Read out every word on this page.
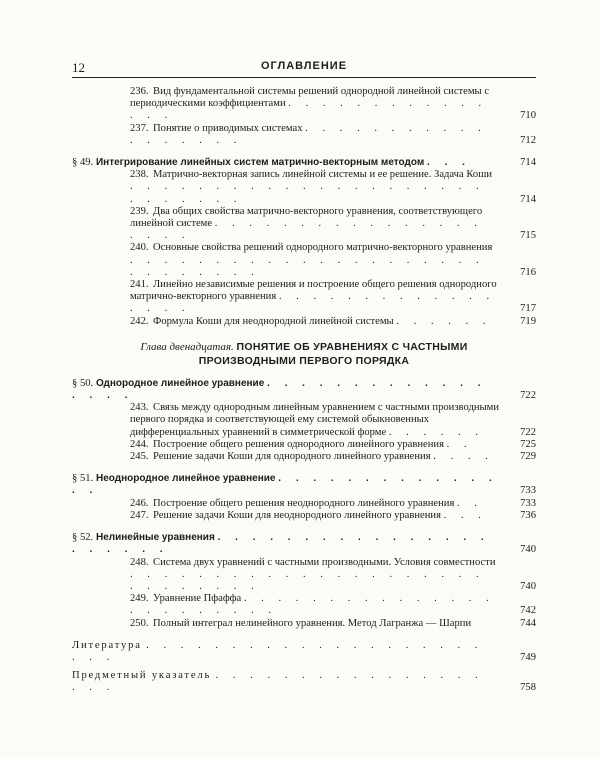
12	ОГЛАВЛЕНИЕ
236. Вид фундаментальной системы решений однородной линейной системы с периодическими коэффициентами . . . . . . . . . . . . . . .	710
237. Понятие о приводимых системах . . . . . . . . . . . . . . . . . .	712
§ 49. Интегрирование линейных систем матрично-векторным методом . . .	714
238. Матрично-векторная запись линейной системы и ее решение. Задача Коши . . . . . . . . . . . . . . . . . . . . . . . . . . . .	714
239. Два общих свойства матрично-векторного уравнения, соответствующего линейной системе . . . . . . . . . . . . . . . . . . . .	715
240. Основные свойства решений однородного матрично-векторного уравнения . . . . . . . . . . . . . . . . . . . . . . . . . . . . .	716
241. Линейно независимые решения и построение общего решения однородного матрично-векторного уравнения . . . . . . . . . . . . . . . . .	717
242. Формула Коши для неоднородной линейной системы . . . . . .	719
Глава двенадцатая. ПОНЯТИЕ ОБ УРАВНЕНИЯХ С ЧАСТНЫМИ
ПРОИЗВОДНЫМИ ПЕРВОГО ПОРЯДКА
§ 50. Однородное линейное уравнение . . . . . . . . . . . . . . . . .	722
243. Связь между однородным линейным уравнением с частными производными первого порядка и соответствующей ему системой обыкновенных дифференциальных уравнений в симметрической форме . . . . . .	722
244. Построение общего решения однородного линейного уравнения . .	725
245. Решение задачи Коши для однородного линейного уравнения . . . .	729
§ 51. Неоднородное линейное уравнение . . . . . . . . . . . . . . .	733
246. Построение общего решения неоднородного линейного уравнения . .	733
247. Решение задачи Коши для неоднородного линейного уравнения . . .	736
§ 52. Нелинейные уравнения . . . . . . . . . . . . . . . . . . . . . .	740
248. Система двух уравнений с частными производными. Условия совместности . . . . . . . . . . . . . . . . . . . . . . . . . . . . .	740
249. Уравнение Пфаффа . . . . . . . . . . . . . . . . . . . . . . . .	742
250. Полный интеграл нелинейного уравнения. Метод Лагранжа — Шарпи	744
Литература . . . . . . . . . . . . . . . . . . . . . . .	749
Предметный указатель . . . . . . . . . . . . . . . . . . .	758
